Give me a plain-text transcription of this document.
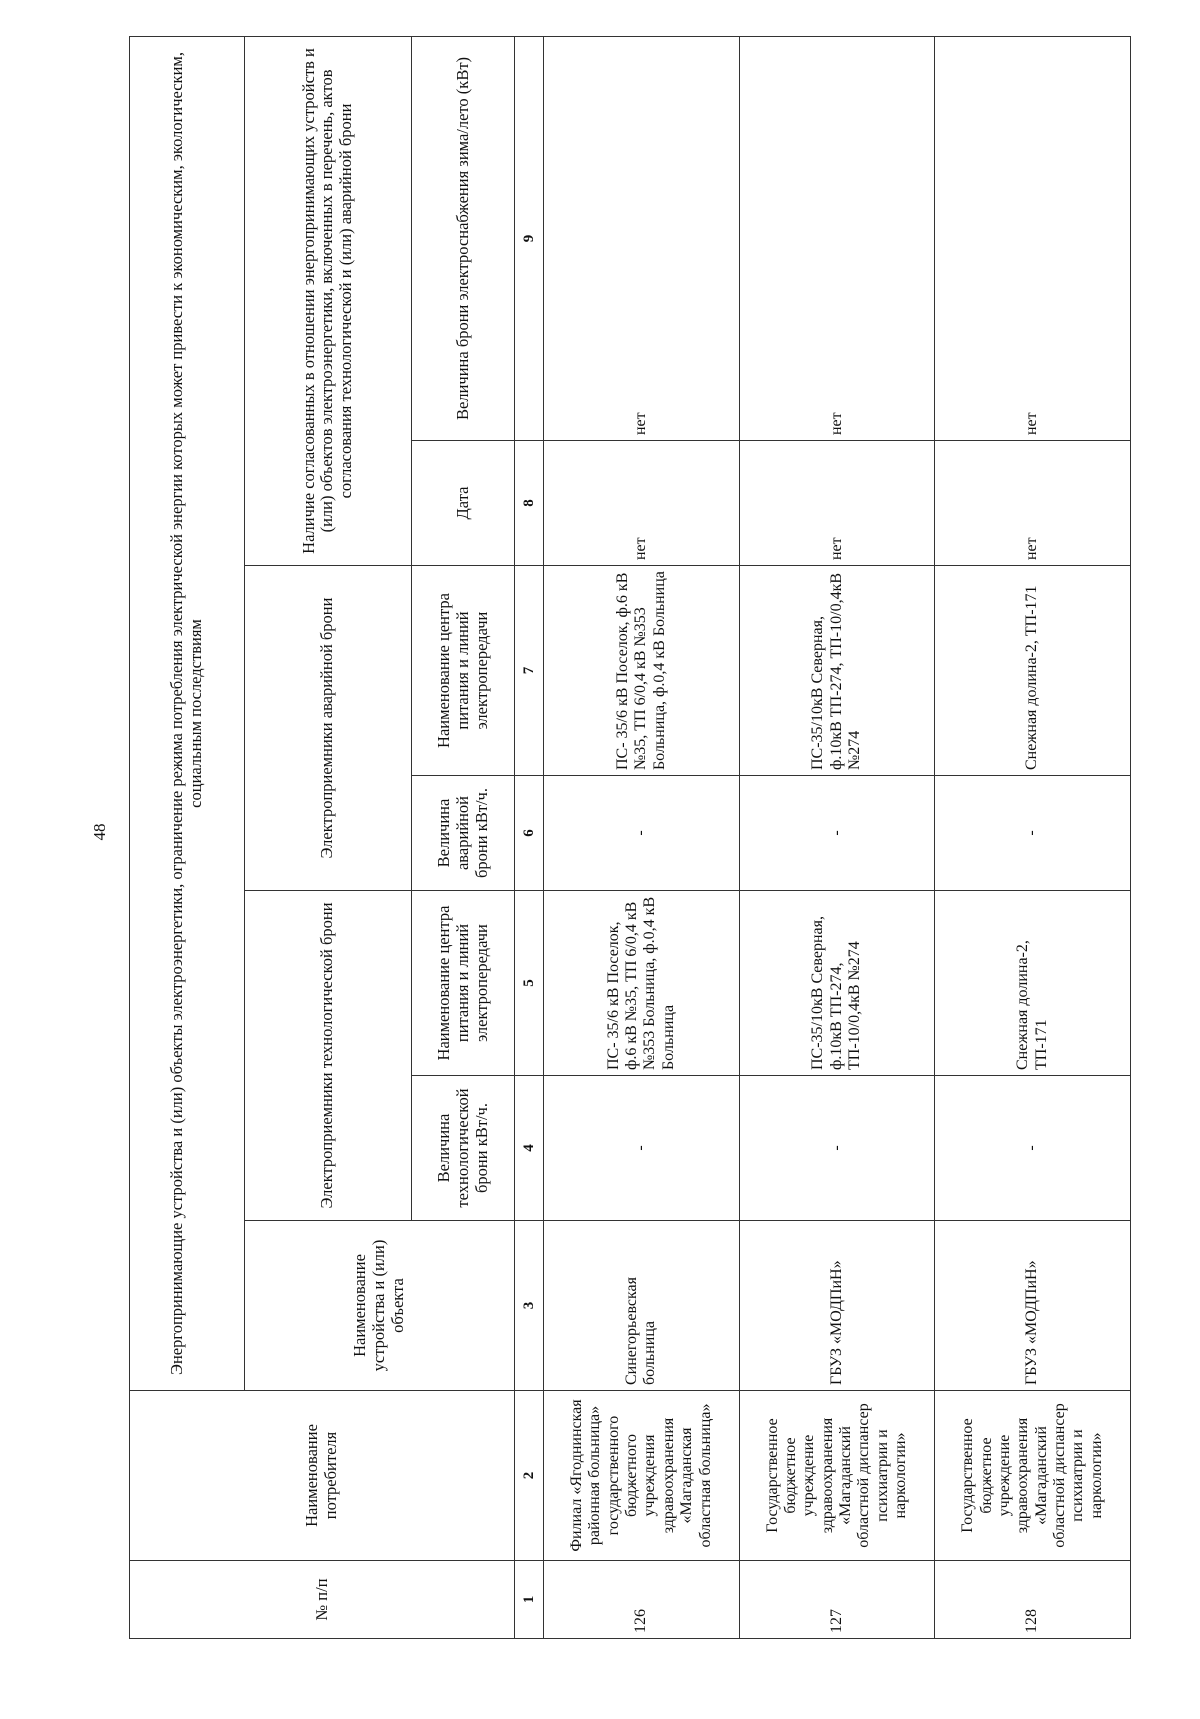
48
№ п/п	Наименование потребителя	Энергопринимающие устройства и (или) объекты электроэнергетики, ограничение режима потребления электрической энергии которых может привести к экономическим, экологическим, социальным последствиям						
		Наименование устройства и (или) объекта	Электроприемники технологической брони		Электроприемники аварийной брони		Наличие согласованных в отношении энергопринимающих устройств и (или) объектов электроэнергетики, включенных в перечень, актов согласования технологической и (или) аварийной брони	
			Величина технологической брони кВт/ч.	Наименование центра питания и линий электропередачи	Величина аварийной брони кВт/ч.	Наименование центра питания и линий электропередачи	Дата	Величина брони электроснабжения зима/лето (кВт)
1	2	3	4	5	6	7	8	9
126	Филиал «Ягоднинская районная больница» государственного бюджетного учреждения здравоохранения «Магаданская областная больница»	Синегорьевская больница	-	ПС- 35/6 кВ Поселок, ф.6 кВ №35, ТП 6/0,4 кВ №353 Больница, ф.0,4 кВ Больница	-	ПС- 35/6 кВ Поселок, ф.6 кВ №35, ТП 6/0,4 кВ №353 Больница, ф.0,4 кВ Больница	нет	нет
127	Государственное бюджетное учреждение здравоохранения «Магаданский областной диспансер психиатрии и наркологии»	ГБУЗ «МОДПиН»	-	ПС-35/10кВ Северная, ф.10кВ ТП-274, ТП-10/0,4кВ №274	-	ПС-35/10кВ Северная, ф.10кВ ТП-274, ТП-10/0,4кВ №274	нет	нет
128	Государственное бюджетное учреждение здравоохранения «Магаданский областной диспансер психиатрии и наркологии»	ГБУЗ «МОДПиН»	-	Снежная долина-2, ТП-171	-	Снежная долина-2, ТП-171	нет	нет
